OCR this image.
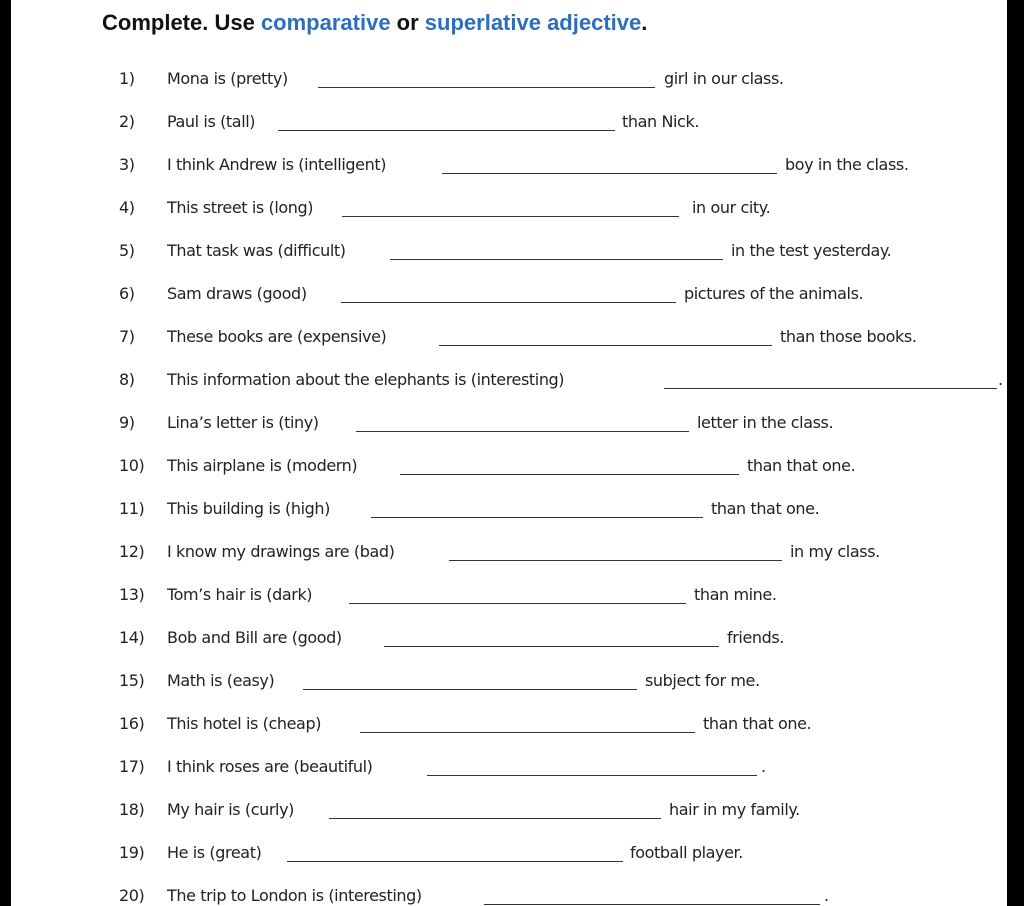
Complete. Use comparative or superlative adjective.
1) Mona is (pretty)	girl in our class.
2) Paul is (tall)	than Nick.
3) I think Andrew is (intelligent)	boy in the class.
4) This street is (long)	in our city.
5) That task was (difficult)	in the test yesterday.
6) Sam draws (good)	pictures of the animals.
7) These books are (expensive)	than those books.
8) This information about the elephants is (interesting)	.
9) Lina’s letter is (tiny)	letter in the class.
10) This airplane is (modern)	than that one.
11) This building is (high)	than that one.
12) I know my drawings are (bad)	in my class.
13) Tom’s hair is (dark)	than mine.
14) Bob and Bill are (good)	friends.
15) Math is (easy)	subject for me.
16) This hotel is (cheap)	than that one.
17) I think roses are (beautiful)	.
18) My hair is (curly)	hair in my family.
19) He is (great)	football player.
20) The trip to London is (interesting)	.
